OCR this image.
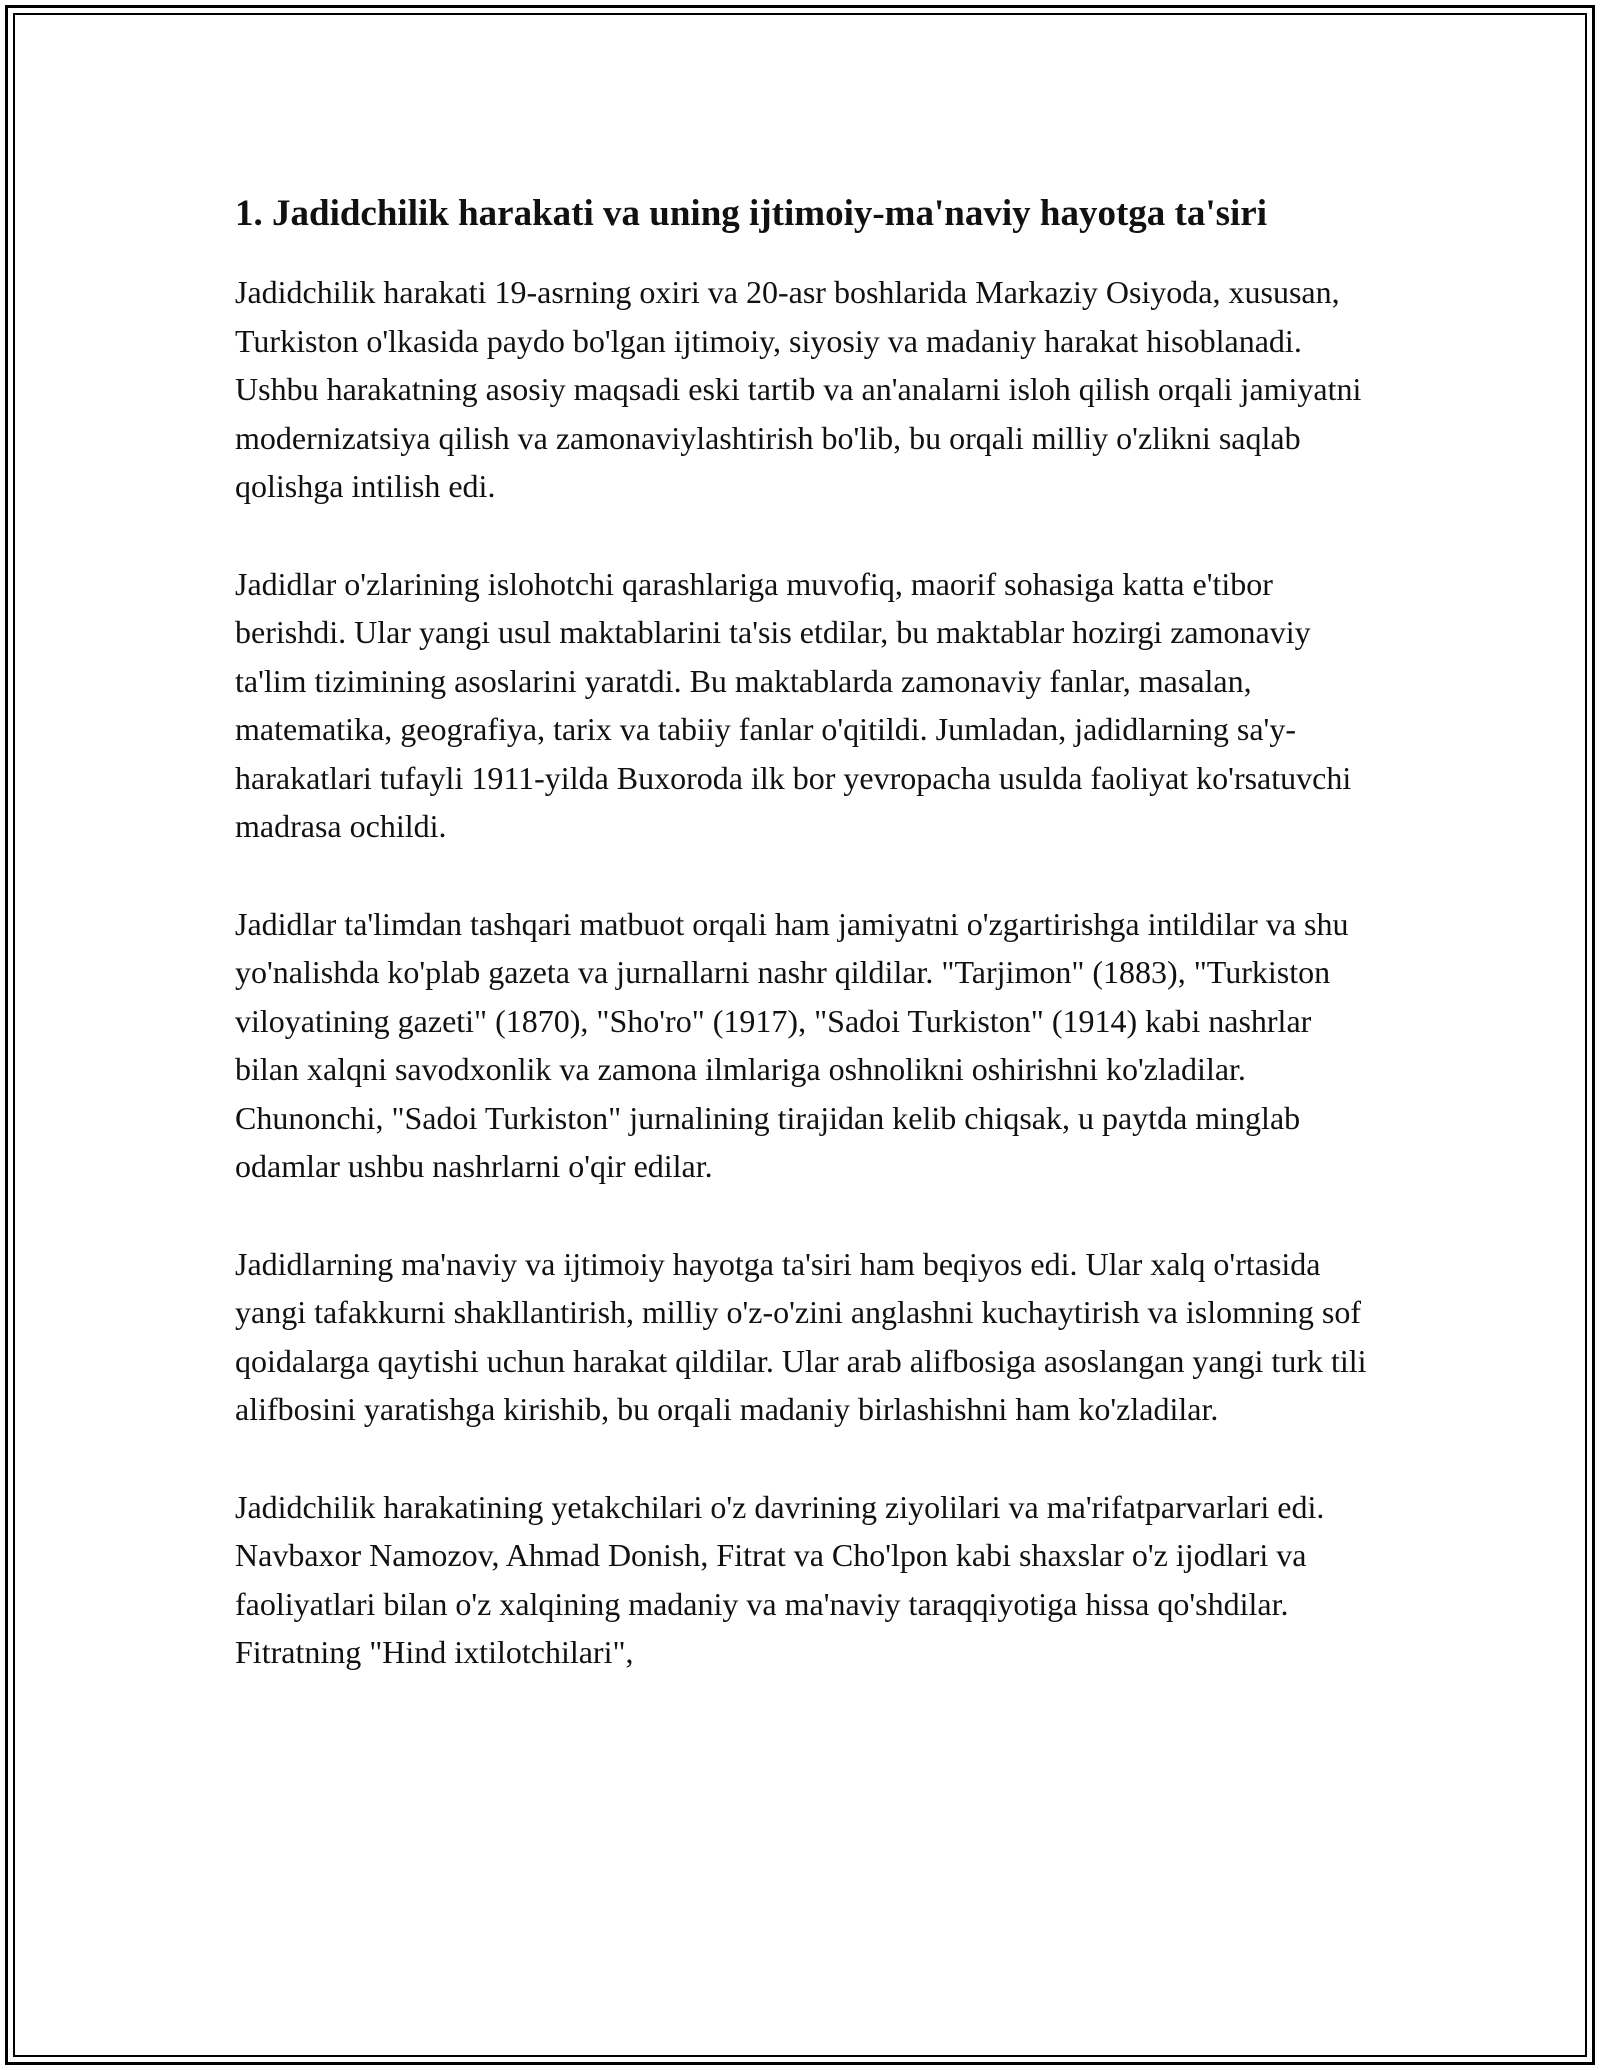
1. Jadidchilik harakati va uning ijtimoiy-ma'naviy hayotga ta'siri

Jadidchilik harakati 19-asrning oxiri va 20-asr boshlarida Markaziy Osiyoda, xususan, Turkiston o'lkasida paydo bo'lgan ijtimoiy, siyosiy va madaniy harakat hisoblanadi. Ushbu harakatning asosiy maqsadi eski tartib va an'analarni isloh qilish orqali jamiyatni modernizatsiya qilish va zamonaviylashtirish bo'lib, bu orqali milliy o'zlikni saqlab qolishga intilish edi.

Jadidlar o'zlarining islohotchi qarashlariga muvofiq, maorif sohasiga katta e'tibor berishdi. Ular yangi usul maktablarini ta'sis etdilar, bu maktablar hozirgi zamonaviy ta'lim tizimining asoslarini yaratdi. Bu maktablarda zamonaviy fanlar, masalan, matematika, geografiya, tarix va tabiiy fanlar o'qitildi. Jumladan, jadidlarning sa'y-harakatlari tufayli 1911-yilda Buxoroda ilk bor yevropacha usulda faoliyat ko'rsatuvchi madrasa ochildi.

Jadidlar ta'limdan tashqari matbuot orqali ham jamiyatni o'zgartirishga intildilar va shu yo'nalishda ko'plab gazeta va jurnallarni nashr qildilar. "Tarjimon" (1883), "Turkiston viloyatining gazeti" (1870), "Sho'ro" (1917), "Sadoi Turkiston" (1914) kabi nashrlar bilan xalqni savodxonlik va zamona ilmlariga oshnolikni oshirishni ko'zladilar. Chunonchi, "Sadoi Turkiston" jurnalining tirajidan kelib chiqsak, u paytda minglab odamlar ushbu nashrlarni o'qir edilar.

Jadidlarning ma'naviy va ijtimoiy hayotga ta'siri ham beqiyos edi. Ular xalq o'rtasida yangi tafakkurni shakllantirish, milliy o'z-o'zini anglashni kuchaytirish va islomning sof qoidalarga qaytishi uchun harakat qildilar. Ular arab alifbosiga asoslangan yangi turk tili alifbosini yaratishga kirishib, bu orqali madaniy birlashishni ham ko'zladilar.

Jadidchilik harakatining yetakchilari o'z davrining ziyolilari va ma'rifatparvarlari edi. Navbaxor Namozov, Ahmad Donish, Fitrat va Cho'lpon kabi shaxslar o'z ijodlari va faoliyatlari bilan o'z xalqining madaniy va ma'naviy taraqqiyotiga hissa qo'shdilar. Fitratning "Hind ixtilotchilari",
